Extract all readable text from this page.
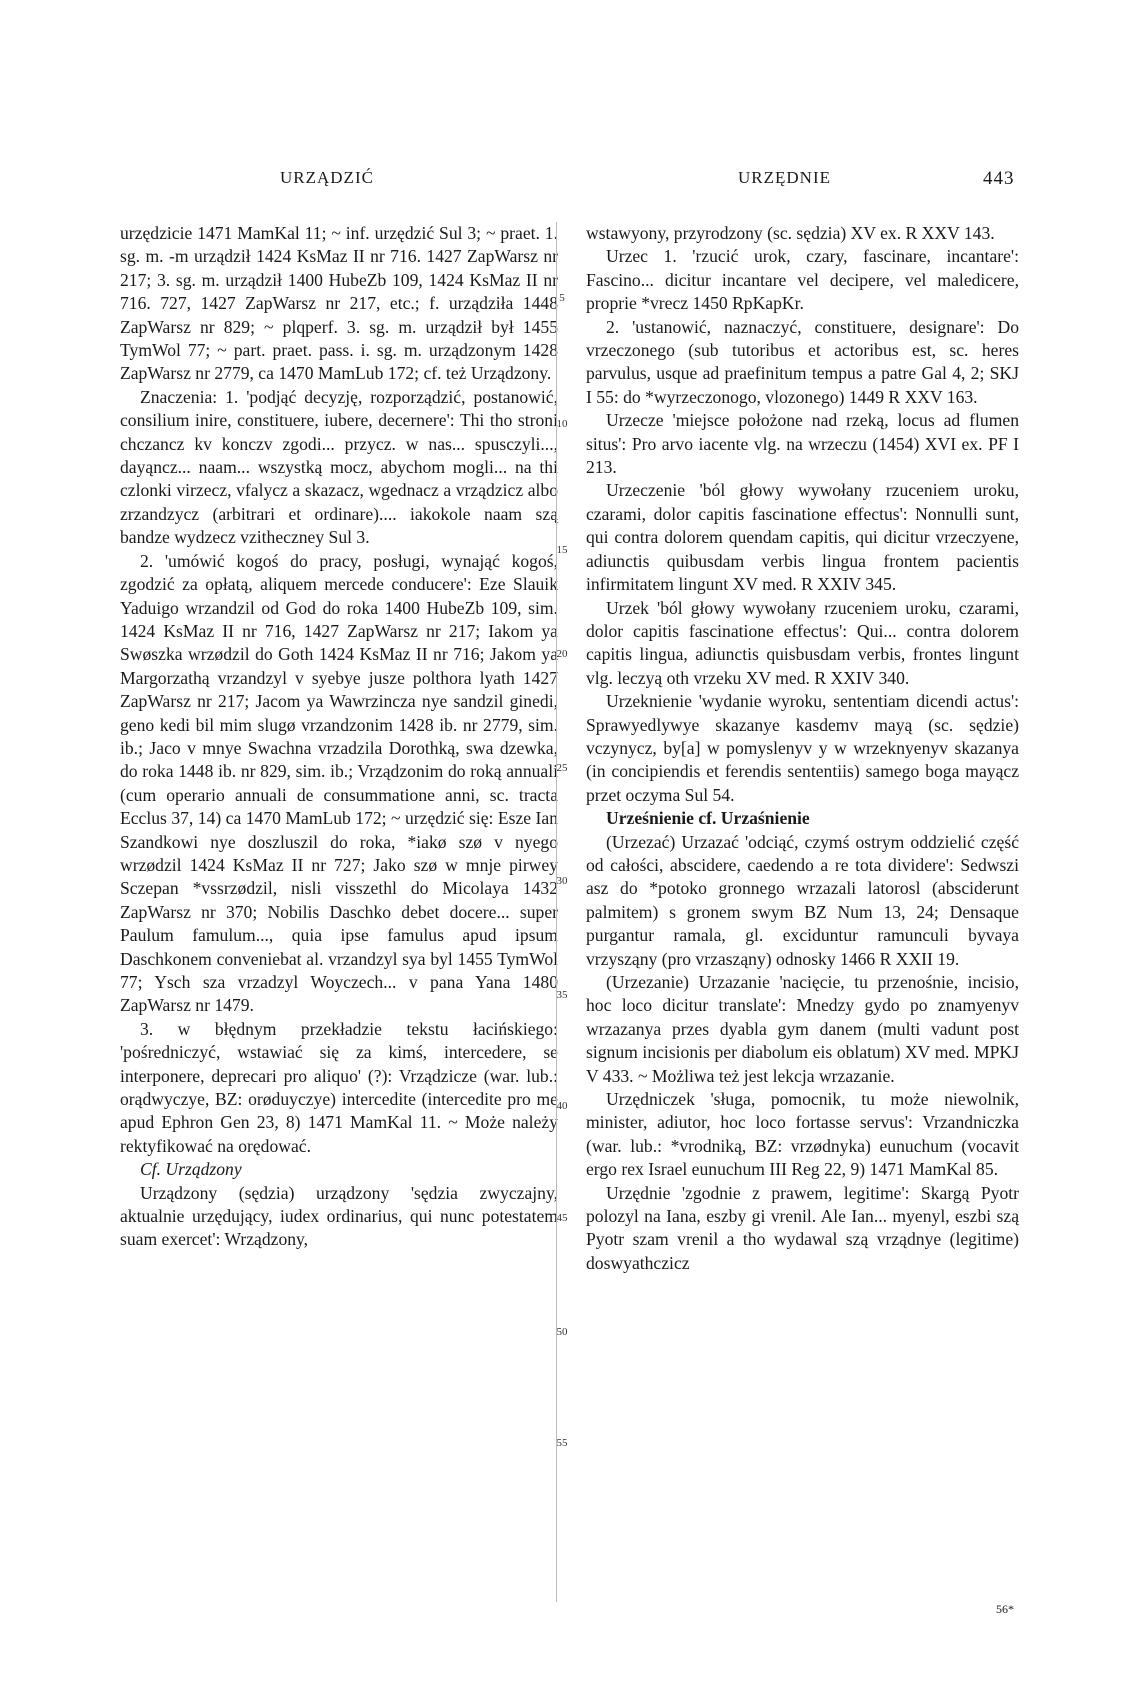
URZĄDZIĆ	URZĘDNIE	443

urzędzicie 1471 MamKal 11; ~ inf. urzędzić Sul 3; ~ praet. 1. sg. m. -m urządził 1424 KsMaz II nr 716. 1427 ZapWarsz nr 217; 3. sg. m. urządził 1400 HubeZb 109, 1424 KsMaz II nr 716. 727, 1427 ZapWarsz nr 217, etc.; f. urządziła 1448 ZapWarsz nr 829; ~ plqperf. 3. sg. m. urządził był 1455 TymWol 77; ~ part. praet. pass. i. sg. m. urządzonym 1428 ZapWarsz nr 2779, ca 1470 MamLub 172; cf. też Urządzony.

Znaczenia: 1. 'podjąć decyzję, rozporządzić, postanowić, consilium inire, constituere, iubere, decernere': Thi tho stroni chczancz kv konczv zgodi... przycz. w nas... spusczyli..., dayąncz... naam... wszystką mocz, abychom mogli... na thi czlonki virzecz, vfalycz a skazacz, wgednacz a vrządzicz albo zrzandzycz (arbitrari et ordinare).... iakokole naam szą bandze wydzecz vzitheczney Sul 3.

2. 'umówić kogoś do pracy, posługi, wynająć kogoś, zgodzić za opłatą, aliquem mercede conducere': Eze Slauik Yaduigo wrzandzil od God do roka 1400 HubeZb 109, sim. 1424 KsMaz II nr 716, 1427 ZapWarsz nr 217; Iakom ya Swøszka wrzødzil do Goth 1424 KsMaz II nr 716; Jakom ya Margorzathą vrzandzyl v syebye jusze polthora lyath 1427 ZapWarsz nr 217; Jacom ya Wawrzincza nye sandzil ginedi, geno kedi bil mim slugø vrzandzonim 1428 ib. nr 2779, sim. ib.; Jaco v mnye Swachna vrzadzila Dorothką, swa dzewka, do roka 1448 ib. nr 829, sim. ib.; Vrządzonim do roką annuali (cum operario annuali de consummatione anni, sc. tracta Ecclus 37, 14) ca 1470 MamLub 172; ~ urzędzić się: Esze Ian Szandkowi nye doszluszil do roka, *iakø szø v nyego wrzødzil 1424 KsMaz II nr 727; Jako szø w mnje pirwey Sczepan *vssrzødzil, nisli visszethl do Micolaya 1432 ZapWarsz nr 370; Nobilis Daschko debet docere... super Paulum famulum..., quia ipse famulus apud ipsum Daschkonem conveniebat al. vrzandzyl sya byl 1455 TymWol 77; Ysch sza vrzadzyl Woyczech... v pana Yana 1480 ZapWarsz nr 1479.

3. w błędnym przekładzie tekstu łacińskiego: 'pośredniczyć, wstawiać się za kimś, intercedere, se interponere, deprecari pro aliquo' (?): Vrządzicze (war. lub.: orądwyczye, BZ: orøduyczye) intercedite (intercedite pro me apud Ephron Gen 23, 8) 1471 MamKal 11. ~ Może należy rektyfikować na orędować.

Cf. Urządzony

Urządzony (sędzia) urządzony 'sędzia zwyczajny, aktualnie urzędujący, iudex ordinarius, qui nunc potestatem suam exercet': Wrządzony,

5
10
15
20
25
30
35
40
45
50
55

wstawyony, przyrodzony (sc. sędzia) XV ex. R XXV 143.

Urzec 1. 'rzucić urok, czary, fascinare, incantare': Fascino... dicitur incantare vel decipere, vel maledicere, proprie *vrecz 1450 RpKapKr.

2. 'ustanowić, naznaczyć, constituere, designare': Do vrzeczonego (sub tutoribus et actoribus est, sc. heres parvulus, usque ad praefinitum tempus a patre Gal 4, 2; SKJ I 55: do *wyrzeczonogo, vlozonego) 1449 R XXV 163.

Urzecze 'miejsce położone nad rzeką, locus ad flumen situs': Pro arvo iacente vlg. na wrzeczu (1454) XVI ex. PF I 213.

Urzeczenie 'ból głowy wywołany rzuceniem uroku, czarami, dolor capitis fascinatione effectus': Nonnulli sunt, qui contra dolorem quendam capitis, qui dicitur vrzeczyene, adiunctis quibusdam verbis lingua frontem pacientis infirmitatem lingunt XV med. R XXIV 345.

Urzek 'ból głowy wywołany rzuceniem uroku, czarami, dolor capitis fascinatione effectus': Qui... contra dolorem capitis lingua, adiunctis quisbusdam verbis, frontes lingunt vlg. leczyą oth vrzeku XV med. R XXIV 340.

Urzeknienie 'wydanie wyroku, sententiam dicendi actus': Sprawyedlywye skazanye kasdemv mayą (sc. sędzie) vczynycz, by[a] w pomyslenyv y w wrzeknyenyv skazanya (in concipiendis et ferendis sententiis) samego boga mayącz przet oczyma Sul 54.

Urześnienie cf. Urzaśnienie

(Urzezać) Urzazać 'odciąć, czymś ostrym oddzielić część od całości, abscidere, caedendo a re tota dividere': Sedwszi asz do *potoko gronnego wrzazali latorosl (absciderunt palmitem) s gronem swym BZ Num 13, 24; Densaque purgantur ramala, gl. exciduntur ramunculi byvaya vrzysząny (pro vrzasząny) odnosky 1466 R XXII 19.

(Urzezanie) Urzazanie 'nacięcie, tu przenośnie, incisio, hoc loco dicitur translate': Mnedzy gydo po znamyenyv wrzazanya przes dyabla gym danem (multi vadunt post signum incisionis per diabolum eis oblatum) XV med. MPKJ V 433. ~ Możliwa też jest lekcja wrzazanie.

Urzędniczek 'sługa, pomocnik, tu może niewolnik, minister, adiutor, hoc loco fortasse servus': Vrzandniczka (war. lub.: *vrodniką, BZ: vrzødnyka) eunuchum (vocavit ergo rex Israel eunuchum III Reg 22, 9) 1471 MamKal 85.

Urzędnie 'zgodnie z prawem, legitime': Skargą Pyotr polozyl na Iana, eszby gi vrenil. Ale Ian... myenyl, eszbi szą Pyotr szam vrenil a tho wydawal szą vrządnye (legitime) doswyathczicz

56*
